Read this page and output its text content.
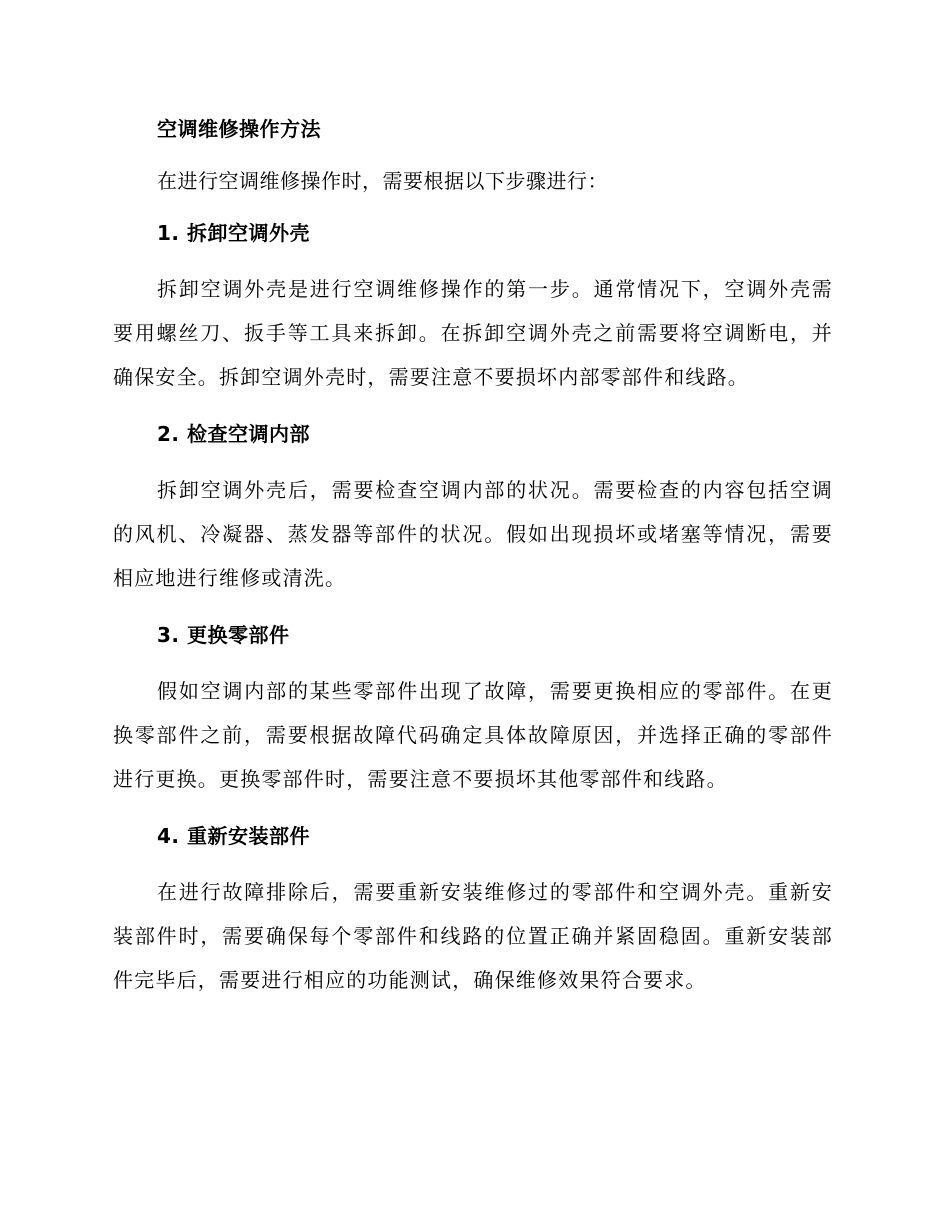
空调维修操作方法

在进行空调维修操作时，需要根据以下步骤进行：

1. 拆卸空调外壳

拆卸空调外壳是进行空调维修操作的第一步。通常情况下，空调外壳需要用螺丝刀、扳手等工具来拆卸。在拆卸空调外壳之前需要将空调断电，并确保安全。拆卸空调外壳时，需要注意不要损坏内部零部件和线路。

2. 检查空调内部

拆卸空调外壳后，需要检查空调内部的状况。需要检查的内容包括空调的风机、冷凝器、蒸发器等部件的状况。假如出现损坏或堵塞等情况，需要相应地进行维修或清洗。

3. 更换零部件

假如空调内部的某些零部件出现了故障，需要更换相应的零部件。在更换零部件之前，需要根据故障代码确定具体故障原因，并选择正确的零部件进行更换。更换零部件时，需要注意不要损坏其他零部件和线路。

4. 重新安装部件

在进行故障排除后，需要重新安装维修过的零部件和空调外壳。重新安装部件时，需要确保每个零部件和线路的位置正确并紧固稳固。重新安装部件完毕后，需要进行相应的功能测试，确保维修效果符合要求。
